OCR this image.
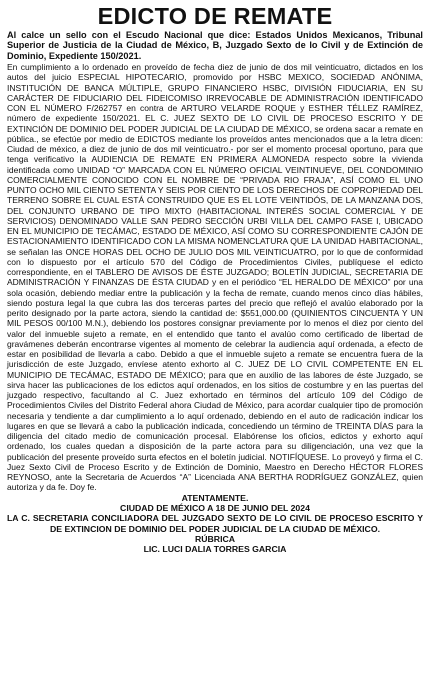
EDICTO DE REMATE

Al calce un sello con el Escudo Nacional que dice: Estados Unidos Mexicanos, Tribunal Superior de Justicia de la Ciudad de México, B, Juzgado Sexto de lo Civil y de Extinción de Dominio, Expediente 150/2021.

En cumplimiento a lo ordenado en proveído de fecha diez de junio de dos mil veinticuatro, dictados en los autos del juicio ESPECIAL HIPOTECARIO, promovido por HSBC MEXICO, SOCIEDAD ANÓNIMA, INSTITUCIÓN DE BANCA MÚLTIPLE, GRUPO FINANCIERO HSBC, DIVISIÓN FIDUCIARIA, EN SU CARÁCTER DE FIDUCIARIO DEL FIDEICOMISO IRREVOCABLE DE ADMINISTRACIÓN IDENTIFICADO CON EL NÚMERO F/262757 en contra de ARTURO VELARDE ROQUE y ESTHER TÉLLEZ RAMÍREZ, número de expediente 150/2021. EL C. JUEZ SEXTO DE LO CIVIL DE PROCESO ESCRITO Y DE EXTINCIÓN DE DOMINIO DEL PODER JUDICIAL DE LA CIUDAD DE MÉXICO, se ordena sacar a remate en pública., se efectúe por medio de EDICTOS mediante los proveídos antes mencionados que a la letra dicen: Ciudad de méxico, a diez de junio de dos mil veinticuatro.- por ser el momento procesal oportuno, para que tenga verificativo la AUDIENCIA DE REMATE EN PRIMERA ALMONEDA respecto sobre la vivienda identificada como UNIDAD “O” MARCADA CON EL NÚMERO OFICIAL VEINTINUEVE, DEL CONDOMINIO COMERCIALMENTE CONOCIDO CON EL NOMBRE DE “PRIVADA RIO FRAJA”, ASÍ COMO EL UNO PUNTO OCHO MIL CIENTO SETENTA Y SEIS POR CIENTO DE LOS DERECHOS DE COPROPIEDAD DEL TERRENO SOBRE EL CUAL ESTÁ CONSTRUIDO QUE ES EL LOTE VEINTIDÓS, DE LA MANZANA DOS, DEL CONJUNTO URBANO DE TIPO MIXTO (HABITACIONAL INTERÉS SOCIAL COMERCIAL Y DE SERVICIOS) DENOMINADO VALLE SAN PEDRO SECCIÓN URBI VILLA DEL CAMPO FASE I, UBICADO EN EL MUNICIPIO DE TECÁMAC, ESTADO DE MÉXICO, ASÍ COMO SU CORRESPONDIENTE CAJÓN DE ESTACIONAMIENTO IDENTIFICADO CON LA MISMA NOMENCLATURA QUE LA UNIDAD HABITACIONAL, se señalan las ONCE HORAS DEL OCHO DE JULIO DOS MIL VEINTICUATRO, por lo que de conformidad con lo dispuesto por el artículo 570 del Código de Procedimientos Civiles, publíquese el edicto correspondiente, en el TABLERO DE AVISOS DE ÉSTE JUZGADO; BOLETÍN JUDICIAL, SECRETARIA DE ADMINISTRACIÓN Y FINANZAS DE ÉSTA CIUDAD y en el periódico “EL HERALDO DE MÉXICO” por una sola ocasión, debiendo mediar entre la publicación y la fecha de remate, cuando menos cinco días hábiles, siendo postura legal la que cubra las dos terceras partes del precio que reflejó el avalúo elaborado por la perito designado por la parte actora, siendo la cantidad de: $551,000.00 (QUINIENTOS CINCUENTA Y UN MIL PESOS 00/100 M.N.), debiendo los postores consignar previamente por lo menos el diez por ciento del valor del inmueble sujeto a remate, en el entendido que tanto el avalúo como certificado de libertad de gravámenes deberán encontrarse vigentes al momento de celebrar la audiencia aquí ordenada, a efecto de estar en posibilidad de llevarla a cabo. Debido a que el inmueble sujeto a remate se encuentra fuera de la jurisdicción de este Juzgado, envíese atento exhorto al C. JUEZ DE LO CIVIL COMPETENTE EN EL MUNICIPIO DE TECÁMAC, ESTADO DE MÉXICO; para que en auxilio de las labores de éste Juzgado, se sirva hacer las publicaciones de los edictos aquí ordenados, en los sitios de costumbre y en las puertas del juzgado respectivo, facultando al C. Juez exhortado en términos del artículo 109 del Código de Procedimientos Civiles del Distrito Federal ahora Ciudad de México, para acordar cualquier tipo de promoción necesaria y tendiente a dar cumplimiento a lo aquí ordenado, debiendo en el auto de radicación indicar los lugares en que se llevará a cabo la publicación indicada, concediendo un término de TREINTA DÍAS para la diligencia del citado medio de comunicación procesal. Elabórense los oficios, edictos y exhorto aquí ordenado, los cuales quedan a disposición de la parte actora para su diligenciación, una vez que la publicación del presente proveído surta efectos en el boletín judicial. NOTIFÍQUESE. Lo proveyó y firma el C. Juez Sexto Civil de Proceso Escrito y de Extinción de Dominio, Maestro en Derecho HÉCTOR FLORES REYNOSO, ante la Secretaria de Acuerdos “A” Licenciada ANA BERTHA RODRÍGUEZ GONZÁLEZ, quien autoriza y da fe. Doy fe.

ATENTAMENTE.

CIUDAD DE MÉXICO A 18 DE JUNIO DEL 2024

LA C. SECRETARIA CONCILIADORA DEL JUZGADO SEXTO DE LO CIVIL DE PROCESO ESCRITO Y DE EXTINCION DE DOMINIO DEL PODER JUDICIAL DE LA CIUDAD DE MÉXICO.

RÚBRICA

LIC. LUCI DALIA TORRES GARCIA
